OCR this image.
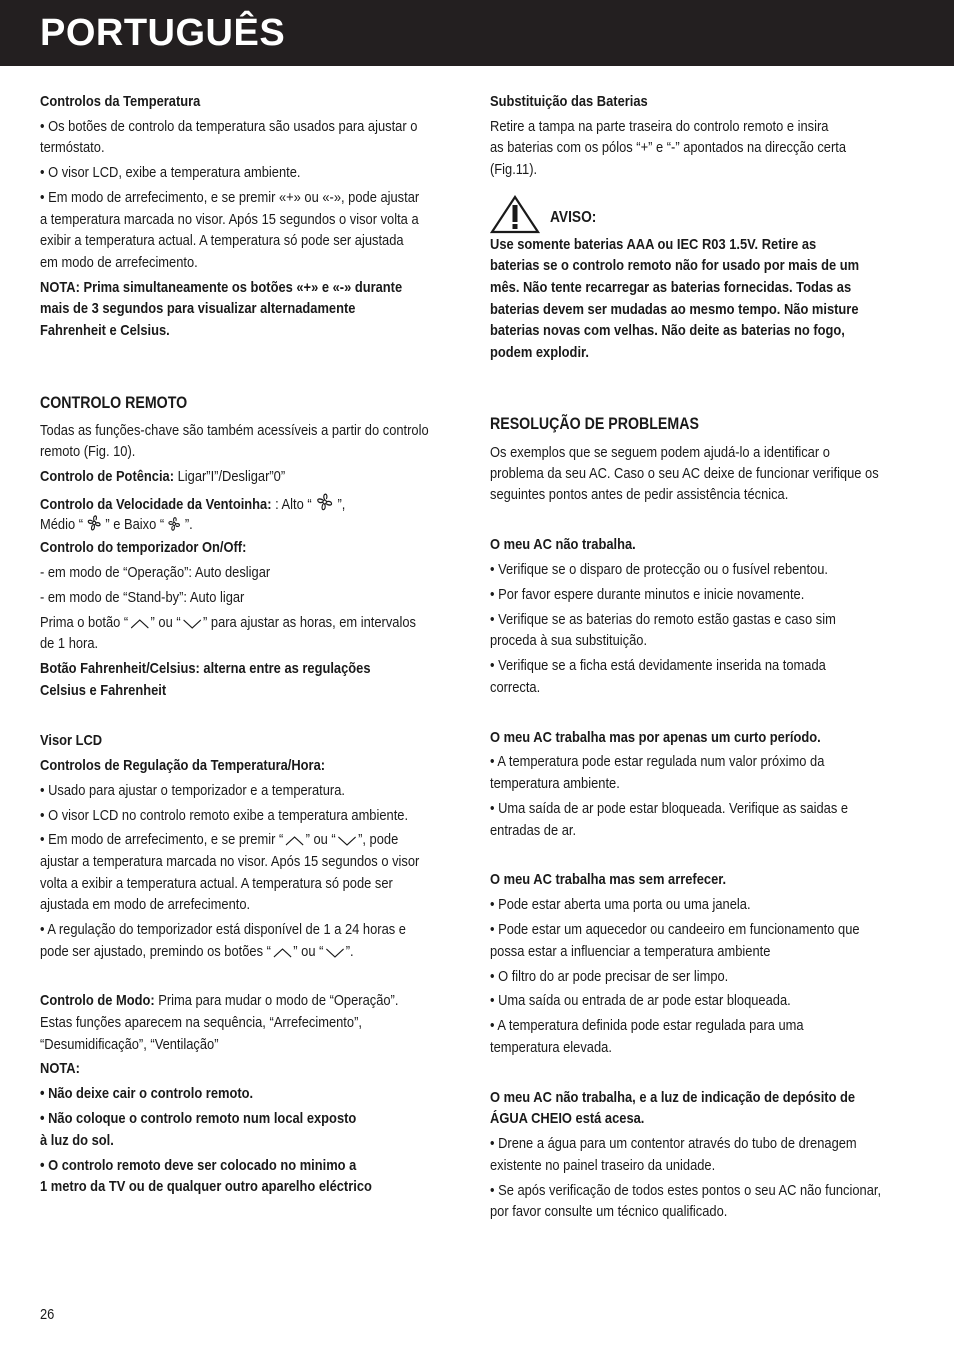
PORTUGUÊS

Controlos da Temperatura

• Os botões de controlo da temperatura são usados para ajustar o

termóstato.

• O visor LCD, exibe a temperatura ambiente.

• Em modo de arrefecimento, e se premir «+» ou «-», pode ajustar

a temperatura marcada no visor. Após 15 segundos o visor volta a

exibir a temperatura actual. A temperatura só pode ser ajustada

em modo de arrefecimento.

NOTA: Prima simultaneamente os botões «+» e «-» durante

mais de 3 segundos para visualizar alternadamente

Fahrenheit e Celsius.

CONTROLO REMOTO

Todas as funções-chave são também acessíveis a partir do controlo

remoto (Fig. 10).

Controlo de Potência: Ligar”I”/Desligar”0”

Controlo da Velocidade da Ventoinha: : Alto “ ”,

Médio “ ” e Baixo “ ”.

Controlo do temporizador On/Off:

- em modo de “Operação”: Auto desligar

- em modo de “Stand-by”: Auto ligar

Prima o botão “ ” ou “ ” para ajustar as horas, em intervalos

de 1 hora.

Botão Fahrenheit/Celsius: alterna entre as regulações

Celsius e Fahrenheit

Visor LCD

Controlos de Regulação da Temperatura/Hora:

• Usado para ajustar o temporizador e a temperatura.

• O visor LCD no controlo remoto exibe a temperatura ambiente.

• Em modo de arrefecimento, e se premir “ ” ou “ ”, pode

ajustar a temperatura marcada no visor. Após 15 segundos o visor

volta a exibir a temperatura actual. A temperatura só pode ser

ajustada em modo de arrefecimento.

• A regulação do temporizador está disponível de 1 a 24 horas e

pode ser ajustado, premindo os botões “ ” ou “ ”.

Controlo de Modo: Prima para mudar o modo de “Operação”.

Estas funções aparecem na sequência, “Arrefecimento”,

“Desumidificação”, “Ventilação”

NOTA:

• Não deixe cair o controlo remoto.

• Não coloque o controlo remoto num local exposto

à luz do sol.

• O controlo remoto deve ser colocado no minimo a

1 metro da TV ou de qualquer outro aparelho eléctrico

Substituição das Baterias

Retire a tampa na parte traseira do controlo remoto e insira

as baterias com os pólos “+” e “-” apontados na direcção certa

(Fig.11).

AVISO:

Use somente baterias AAA ou IEC R03 1.5V. Retire as

baterias se o controlo remoto não for usado por mais de um

mês. Não tente recarregar as baterias fornecidas. Todas as

baterias devem ser mudadas ao mesmo tempo. Não misture

baterias novas com velhas. Não deite as baterias no fogo,

podem explodir.

RESOLUÇÃO DE PROBLEMAS

Os exemplos que se seguem podem ajudá-lo a identificar o

problema da seu AC. Caso o seu AC deixe de funcionar verifique os

seguintes pontos antes de pedir assistência técnica.

O meu AC não trabalha.

• Verifique se o disparo de protecção ou o fusível rebentou.

• Por favor espere durante minutos e inicie novamente.

• Verifique se as baterias do remoto estão gastas e caso sim

proceda à sua substituição.

• Verifique se a ficha está devidamente inserida na tomada

correcta.

O meu AC trabalha mas por apenas um curto período.

• A temperatura pode estar regulada num valor próximo da

temperatura ambiente.

• Uma saída de ar pode estar bloqueada. Verifique as saidas e

entradas de ar.

O meu AC trabalha mas sem arrefecer.

• Pode estar aberta uma porta ou uma janela.

• Pode estar um aquecedor ou candeeiro em funcionamento que

possa estar a influenciar a temperatura ambiente

• O filtro do ar pode precisar de ser limpo.

• Uma saída ou entrada de ar pode estar bloqueada.

• A temperatura definida pode estar regulada para uma

temperatura elevada.

O meu AC não trabalha, e a luz de indicação de depósito de

ÁGUA CHEIO está acesa.

• Drene a água para um contentor através do tubo de drenagem

existente no painel traseiro da unidade.

• Se após verificação de todos estes pontos o seu AC não funcionar,

por favor consulte um técnico qualificado.

26
